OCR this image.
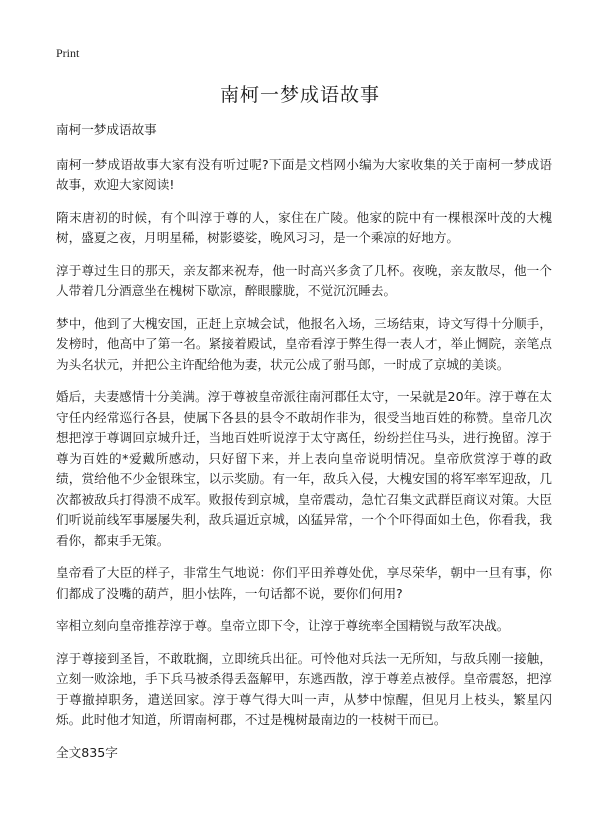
Print
南柯一梦成语故事

南柯一梦成语故事

南柯一梦成语故事大家有没有听过呢?下面是文档网小编为大家收集的关于南柯一梦成语故事，欢迎大家阅读!

隋末唐初的时候，有个叫淳于尊的人，家住在广陵。他家的院中有一棵根深叶茂的大槐树，盛夏之夜，月明星稀，树影婆娑，晚风习习，是一个乘凉的好地方。

淳于尊过生日的那天，亲友都来祝寿，他一时高兴多贪了几杯。夜晚，亲友散尽，他一个人带着几分酒意坐在槐树下歇凉，醉眼朦胧，不觉沉沉睡去。

梦中，他到了大槐安国，正赶上京城会试，他报名入场，三场结束，诗文写得十分顺手，发榜时，他高中了第一名。紧接着殿试，皇帝看淳于弊生得一表人才，举止惆院，亲笔点为头名状元，并把公主许配给他为妻，状元公成了驸马郎，一时成了京城的美谈。

婚后，夫妻感情十分美满。淳于尊被皇帝派往南河郡任太守，一呆就是20年。淳于尊在太守任内经常巡行各县，使属下各县的县令不敢胡作非为，很受当地百姓的称赞。皇帝几次想把淳于尊调回京城升迁，当地百姓听说淳于太守离任，纷纷拦住马头，进行挽留。淳于尊为百姓的*爱戴所感动，只好留下来，并上表向皇帝说明情况。皇帝欣赏淳于尊的政绩，赏给他不少金银珠宝，以示奖励。有一年，敌兵入侵，大槐安国的将军率军迎敌，几次都被敌兵打得溃不成军。败报传到京城，皇帝震动，急忙召集文武群臣商议对策。大臣们听说前线军事屡屡失利，敌兵逼近京城，凶猛异常，一个个吓得面如土色，你看我，我看你，都束手无策。

皇帝看了大臣的样子，非常生气地说：你们平田养尊处优，享尽荣华，朝中一旦有事，你们都成了没嘴的葫芦，胆小怯阵，一句话都不说，要你们何用?

宰相立刻向皇帝推荐淳于尊。皇帝立即下令，让淳于尊统率全国精锐与敌军决战。

淳于尊接到圣旨，不敢耽搁，立即统兵出征。可怜他对兵法一无所知，与敌兵刚一接触，立刻一败涂地，手下兵马被杀得丢盔解甲，东逃西散，淳于尊差点被俘。皇帝震怒，把淳于尊撤掉职务，遣送回家。淳于尊气得大叫一声，从梦中惊醒，但见月上枝头，繁星闪烁。此时他才知道，所谓南柯郡，不过是槐树最南边的一枝树干而已。

全文835字
